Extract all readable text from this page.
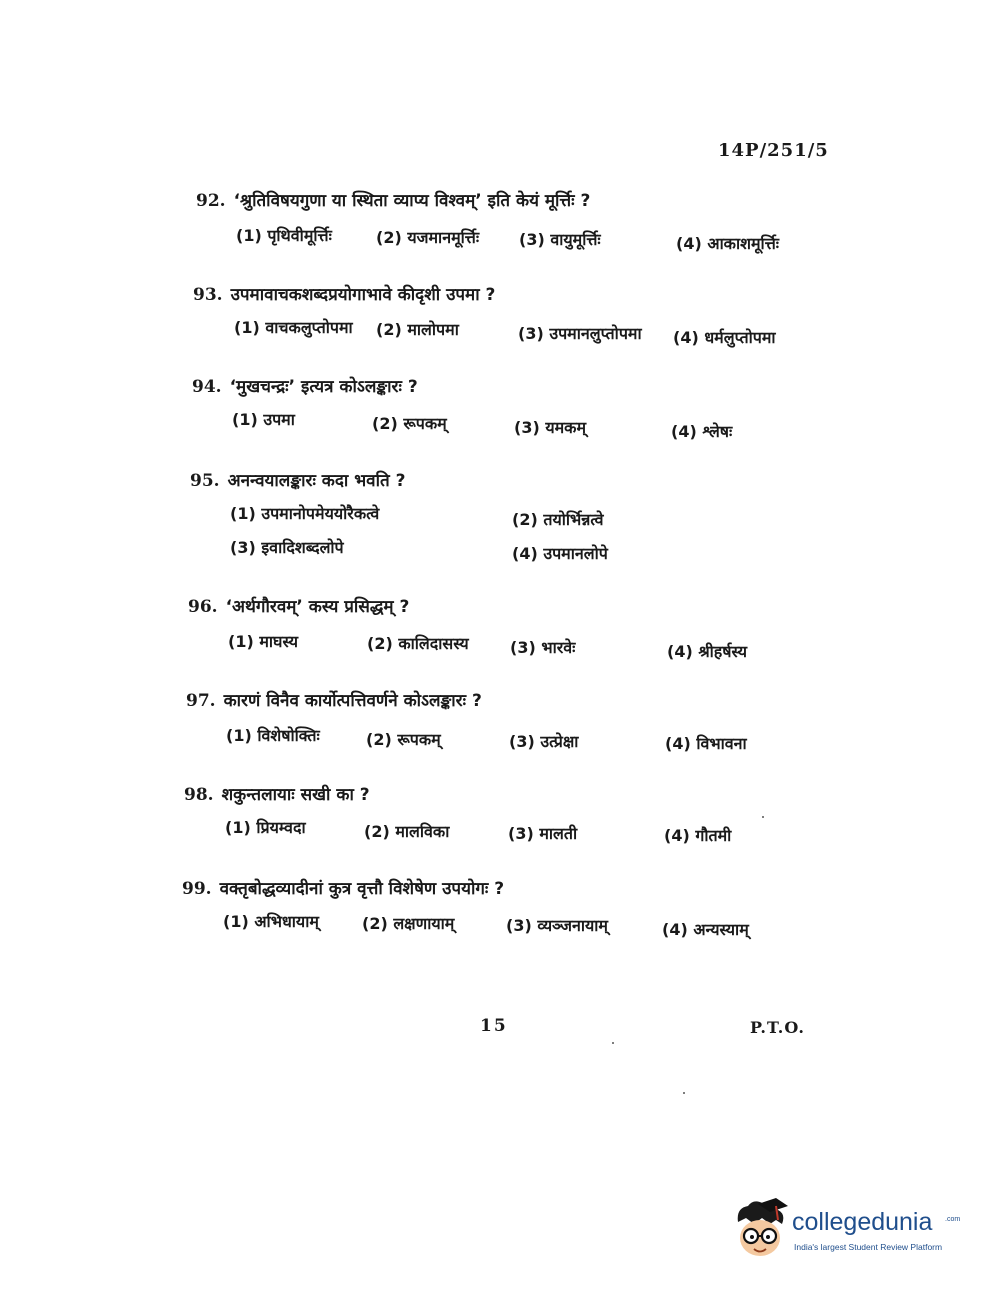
14P/251/5
92. ‘श्रुतिविषयगुणा या स्थिता व्याप्य विश्वम्’ इति केयं मूर्त्तिः ?
(1) पृथिवीमूर्त्तिः	(2) यजमानमूर्त्तिः (3) वायुमूर्त्तिः	(4) आकाशमूर्त्तिः
93. उपमावाचकशब्दप्रयोगाभावे कीदृशी उपमा ?
(1) वाचकलुप्तोपमा (2) मालोपमा	(3) उपमानलुप्तोपमा (4) धर्मलुप्तोपमा
94. ‘मुखचन्द्रः’ इत्यत्र कोऽलङ्कारः ?
(1) उपमा	(2) रूपकम्	(3) यमकम्	(4) श्लेषः
95. अनन्वयालङ्कारः कदा भवति ?
(1) उपमानोपमेययोरैकत्वे	(2) तयोर्भिन्नत्वे
(3) इवादिशब्दलोपे	(4) उपमानलोपे
96. ‘अर्थगौरवम्’ कस्य प्रसिद्धम् ?
(1) माघस्य	(2) कालिदासस्य	(3) भारवेः	(4) श्रीहर्षस्य
97. कारणं विनैव कार्योत्पत्तिवर्णने कोऽलङ्कारः ?
(1) विशेषोक्तिः	(2) रूपकम्	(3) उत्प्रेक्षा	(4) विभावना
98. शकुन्तलायाः सखी का ?
(1) प्रियम्वदा	(2) मालविका	(3) मालती	(4) गौतमी
99. वक्तृबोद्धव्यादीनां कुत्र वृत्तौ विशेषेण उपयोगः ?
(1) अभिधायाम्	(2) लक्षणायाम्	(3) व्यञ्जनायाम्	(4) अन्यस्याम्
15	P.T.O.
collegedunia .com
India's largest Student Review Platform
